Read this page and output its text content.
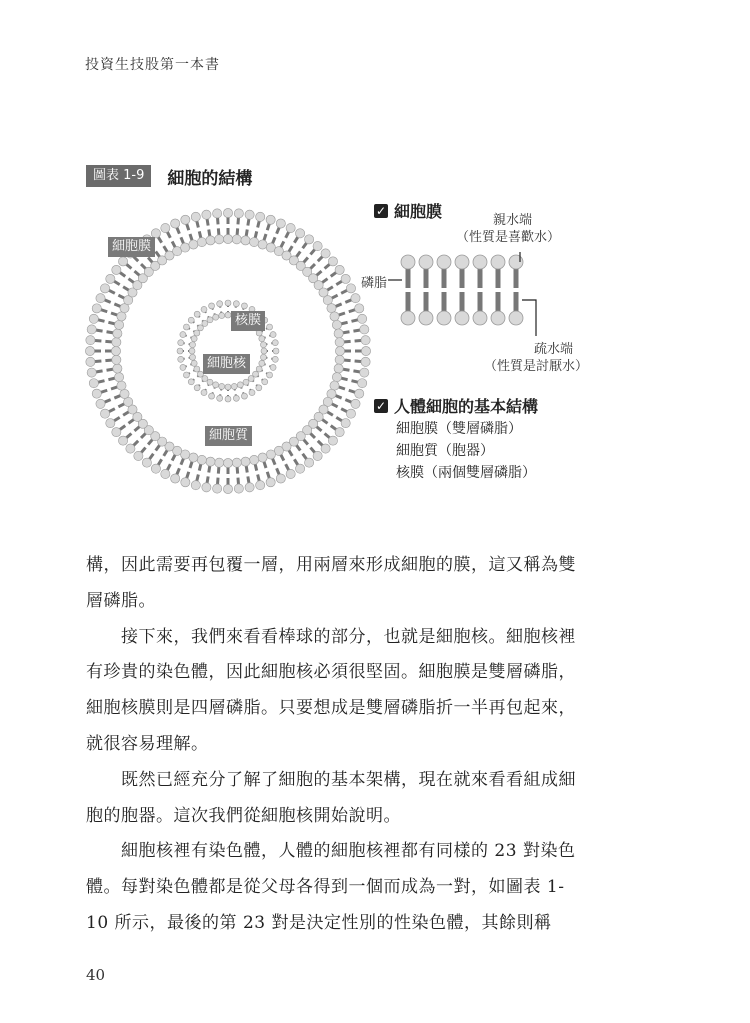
投資生技股第一本書
圖表 1-9	細胞的結構
細胞膜
核膜
細胞核
細胞質
✓ 細胞膜	親水端
（性質是喜歡水）
磷脂
疏水端
（性質是討厭水）
✓ 人體細胞的基本結構
細胞膜（雙層磷脂）
細胞質（胞器）
核膜（兩個雙層磷脂）

構，因此需要再包覆一層，用兩層來形成細胞的膜，這又稱為雙層磷脂。

接下來，我們來看看棒球的部分，也就是細胞核。細胞核裡有珍貴的染色體，因此細胞核必須很堅固。細胞膜是雙層磷脂，細胞核膜則是四層磷脂。只要想成是雙層磷脂折一半再包起來，就很容易理解。

既然已經充分了解了細胞的基本架構，現在就來看看組成細胞的胞器。這次我們從細胞核開始說明。

細胞核裡有染色體，人體的細胞核裡都有同樣的 23 對染色體。每對染色體都是從父母各得到一個而成為一對，如圖表 1-10 所示，最後的第 23 對是決定性別的性染色體，其餘則稱

40
